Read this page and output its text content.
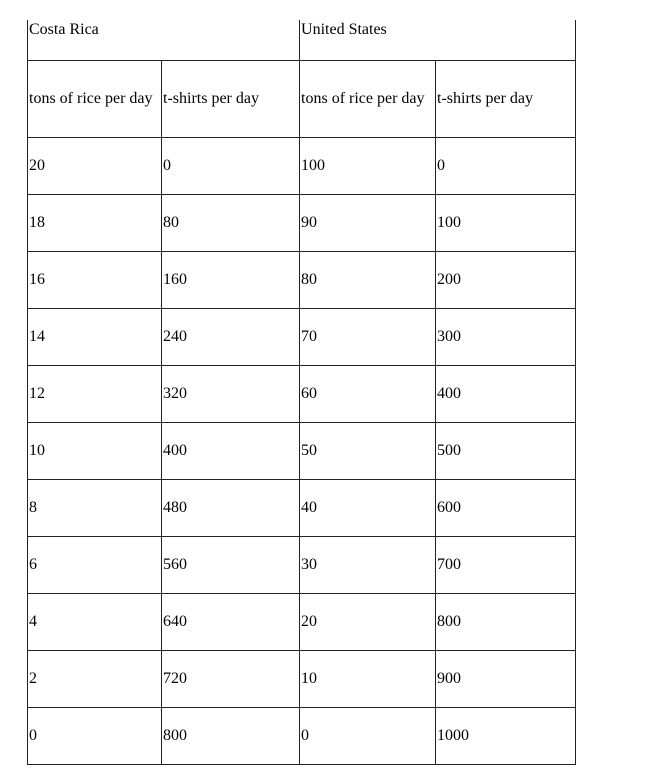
Costa Rica		United States	
tons of rice per day	t-shirts per day	tons of rice per day	t-shirts per day
20	0	100	0
18	80	90	100
16	160	80	200
14	240	70	300
12	320	60	400
10	400	50	500
8	480	40	600
6	560	30	700
4	640	20	800
2	720	10	900
0	800	0	1000
